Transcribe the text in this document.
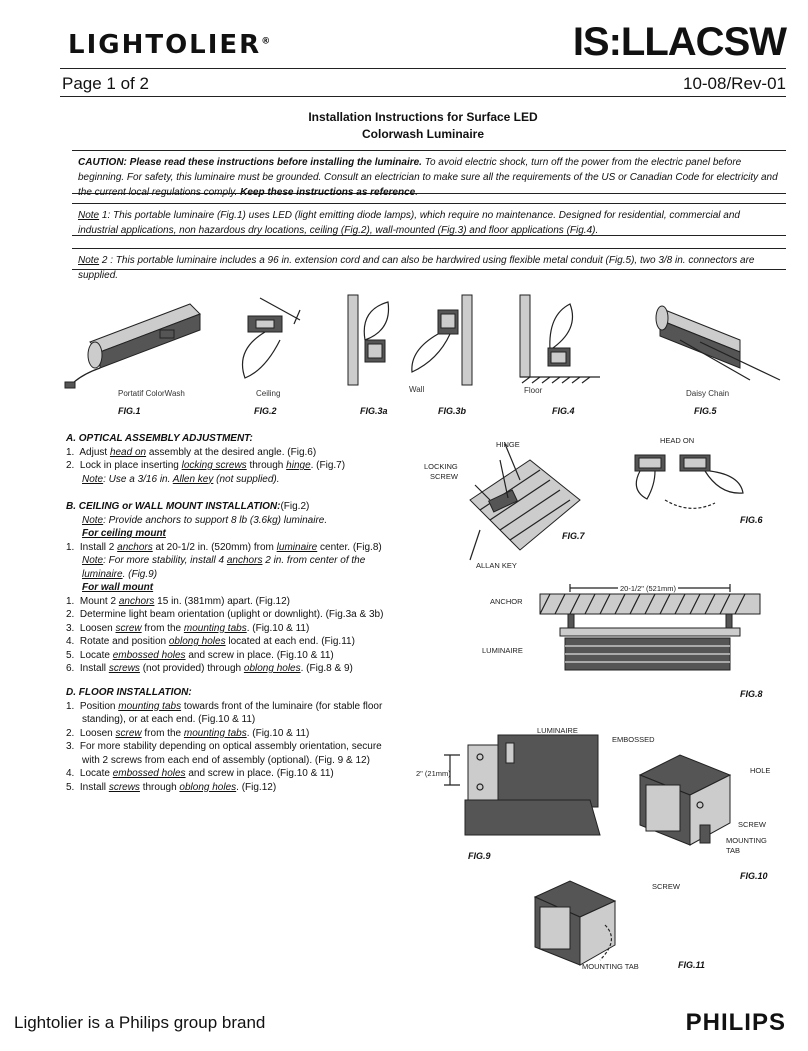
LIGHTOLIER®	IS:LLACSW
Page 1 of 2	10-08/Rev-01
Installation Instructions for Surface LED
Colorwash Luminaire
CAUTION: Please read these instructions before installing the luminaire. To avoid electric shock, turn off the power from the electric panel before beginning. For safety, this luminaire must be grounded. Consult an electrician to make sure all the requirements of the US or Canadian Code for electricity and the current local regulations comply. Keep these instructions as reference.
Note 1: This portable luminaire (Fig.1) uses LED (light emitting diode lamps), which require no maintenance. Designed for residential, commercial and industrial applications, non hazardous dry locations, ceiling (Fig.2), wall-mounted (Fig.3) and floor applications (Fig.4).
Note 2 : This portable luminaire includes a 96 in. extension cord and can also be hardwired using flexible metal conduit (Fig.5), two 3/8 in. connectors are supplied.
Portatif ColorWash	Ceiling	Wall	Floor	Daisy Chain
FIG.1	FIG.2	FIG.3a	FIG.3b	FIG.4	FIG.5
A. OPTICAL ASSEMBLY ADJUSTMENT:
1. Adjust head on assembly at the desired angle. (Fig.6)
2. Lock in place inserting locking screws through hinge. (Fig.7)
Note: Use a 3/16 in. Allen key (not supplied).
B. CEILING or WALL MOUNT INSTALLATION:(Fig.2)
Note: Provide anchors to support 8 lb (3.6kg) luminaire.
For ceiling mount
1.  Install 2 anchors at 20-1/2 in. (520mm) from luminaire center. (Fig.8)
Note: For more stability, install 4 anchors 2 in. from center of the luminaire. (Fig.9)
For wall mount
1. Mount 2 anchors 15 in. (381mm) apart. (Fig.12)
2. Determine light beam orientation (uplight or downlight). (Fig.3a & 3b)
3. Loosen screw from the mounting tabs. (Fig.10 & 11)
4. Rotate and position oblong holes located at each end. (Fig.11)
5. Locate embossed holes and screw in place. (Fig.10 & 11)
6. Install screws (not provided) through oblong holes. (Fig.8 & 9)
D. FLOOR INSTALLATION:
1. Position mounting tabs towards front of the luminaire (for stable floor standing), or at each end. (Fig.10 & 11)
2. Loosen screw from the mounting tabs. (Fig.10 & 11)
3. For more stability depending on optical assembly orientation, secure with 2 screws from each end of assembly (optional). (Fig. 9 & 12)
4. Locate embossed holes and screw in place. (Fig.10 & 11)
5. Install screws through oblong holes. (Fig.12)
HINGE
LOCKING
SCREW
ALLAN KEY
FIG.7
HEAD ON
FIG.6
20-1/2" (521mm)
ANCHOR
LUMINAIRE
FIG.8
LUMINAIRE
2" (21mm)
FIG.9
EMBOSSED
HOLE
SCREW
MOUNTING
TAB
FIG.10
SCREW
MOUNTING TAB	FIG.11
Lightolier is a Philips group brand	PHILIPS
